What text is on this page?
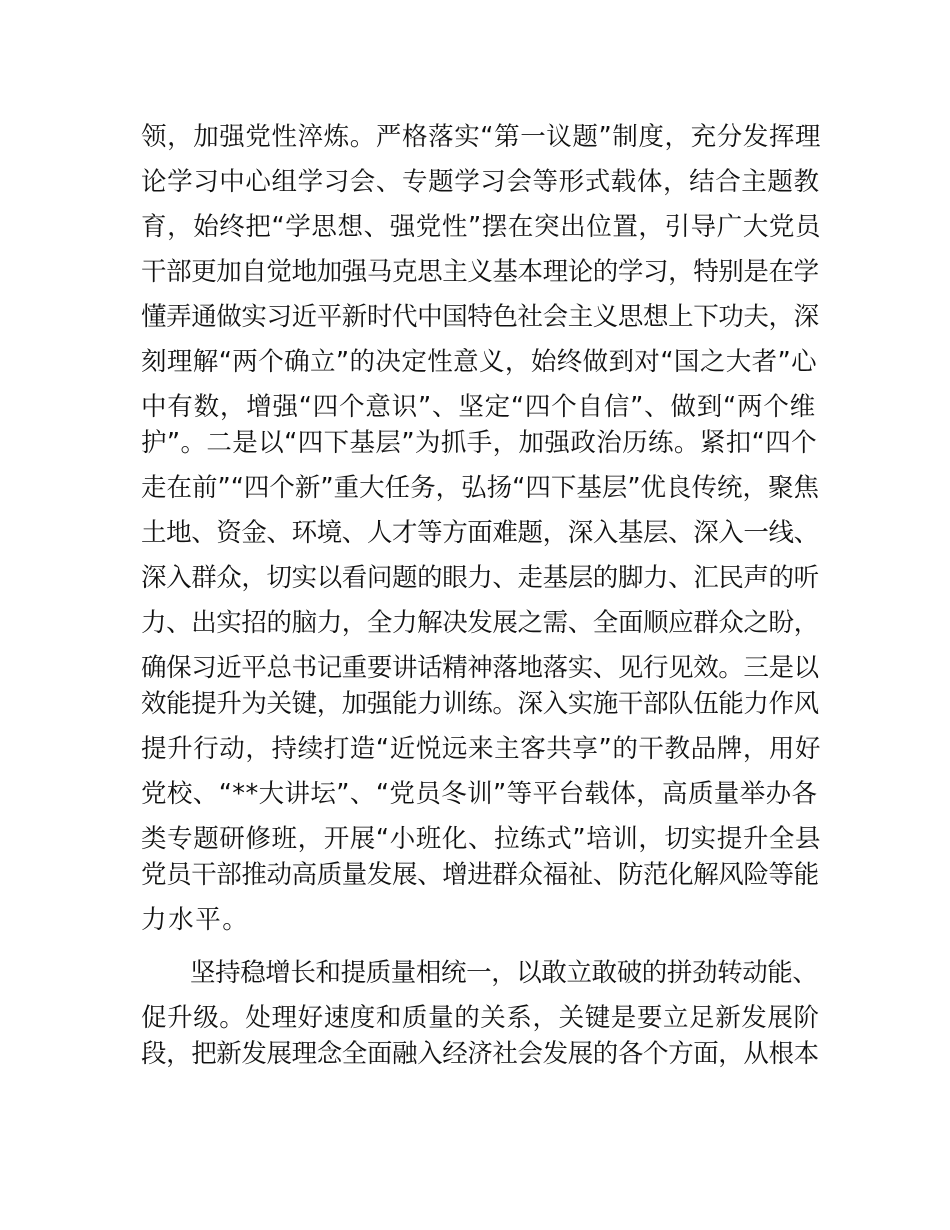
领，加强党性淬炼。严格落实“第一议题”制度，充分发挥理
论学习中心组学习会、专题学习会等形式载体，结合主题教
育，始终把“学思想、强党性”摆在突出位置，引导广大党员
干部更加自觉地加强马克思主义基本理论的学习，特别是在学
懂弄通做实习近平新时代中国特色社会主义思想上下功夫，深
刻理解“两个确立”的决定性意义，始终做到对“国之大者”心
中有数，增强“四个意识”、坚定“四个自信”、做到“两个维
护”。二是以“四下基层”为抓手，加强政治历练。紧扣“四个
走在前”“四个新”重大任务，弘扬“四下基层”优良传统，聚焦
土地、资金、环境、人才等方面难题，深入基层、深入一线、
深入群众，切实以看问题的眼力、走基层的脚力、汇民声的听
力、出实招的脑力，全力解决发展之需、全面顺应群众之盼，
确保习近平总书记重要讲话精神落地落实、见行见效。三是以
效能提升为关键，加强能力训练。深入实施干部队伍能力作风
提升行动，持续打造“近悦远来主客共享”的干教品牌，用好
党校、“**大讲坛”、“党员冬训”等平台载体，高质量举办各
类专题研修班，开展“小班化、拉练式”培训，切实提升全县
党员干部推动高质量发展、增进群众福祉、防范化解风险等能
力水平。
坚持稳增长和提质量相统一，以敢立敢破的拼劲转动能、
促升级。处理好速度和质量的关系，关键是要立足新发展阶
段，把新发展理念全面融入经济社会发展的各个方面，从根本
